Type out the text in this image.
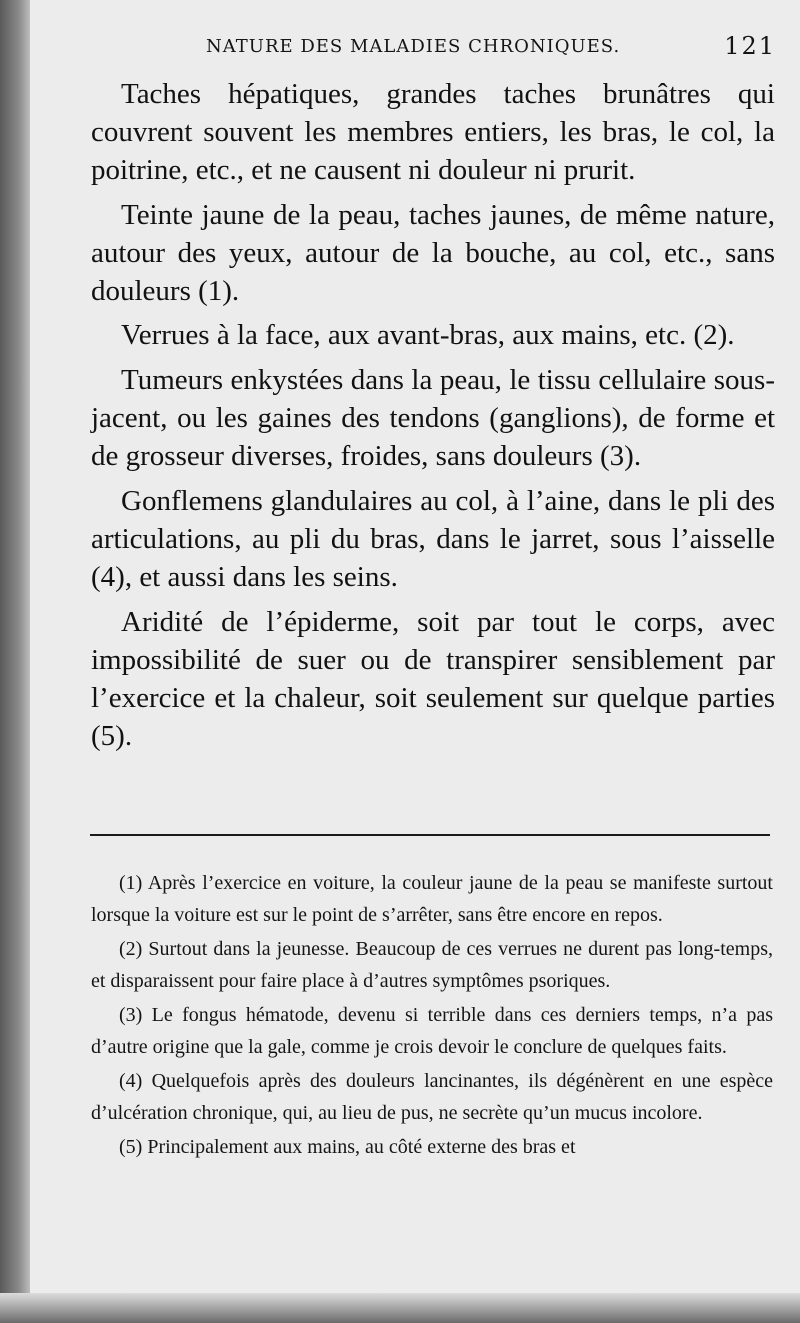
NATURE DES MALADIES CHRONIQUES.	121

Taches hépatiques, grandes taches brunâtres qui couvrent souvent les membres entiers, les bras, le col, la poitrine, etc., et ne causent ni douleur ni prurit.

Teinte jaune de la peau, taches jaunes, de même nature, autour des yeux, autour de la bouche, au col, etc., sans douleurs (1).

Verrues à la face, aux avant-bras, aux mains, etc. (2).

Tumeurs enkystées dans la peau, le tissu cellulaire sous-jacent, ou les gaines des tendons (ganglions), de forme et de grosseur diverses, froides, sans douleurs (3).

Gonflemens glandulaires au col, à l’aine, dans le pli des articulations, au pli du bras, dans le jarret, sous l’aisselle (4), et aussi dans les seins.

Aridité de l’épiderme, soit par tout le corps, avec impossibilité de suer ou de transpirer sensiblement par l’exercice et la chaleur, soit seulement sur quelque parties (5).

(1) Après l’exercice en voiture, la couleur jaune de la peau se manifeste surtout lorsque la voiture est sur le point de s’arrêter, sans être encore en repos.

(2) Surtout dans la jeunesse. Beaucoup de ces verrues ne durent pas long-temps, et disparaissent pour faire place à d’autres symptômes psoriques.

(3) Le fongus hématode, devenu si terrible dans ces derniers temps, n’a pas d’autre origine que la gale, comme je crois devoir le conclure de quelques faits.

(4) Quelquefois après des douleurs lancinantes, ils dégénèrent en une espèce d’ulcération chronique, qui, au lieu de pus, ne secrète qu’un mucus incolore.

(5) Principalement aux mains, au côté externe des bras et
